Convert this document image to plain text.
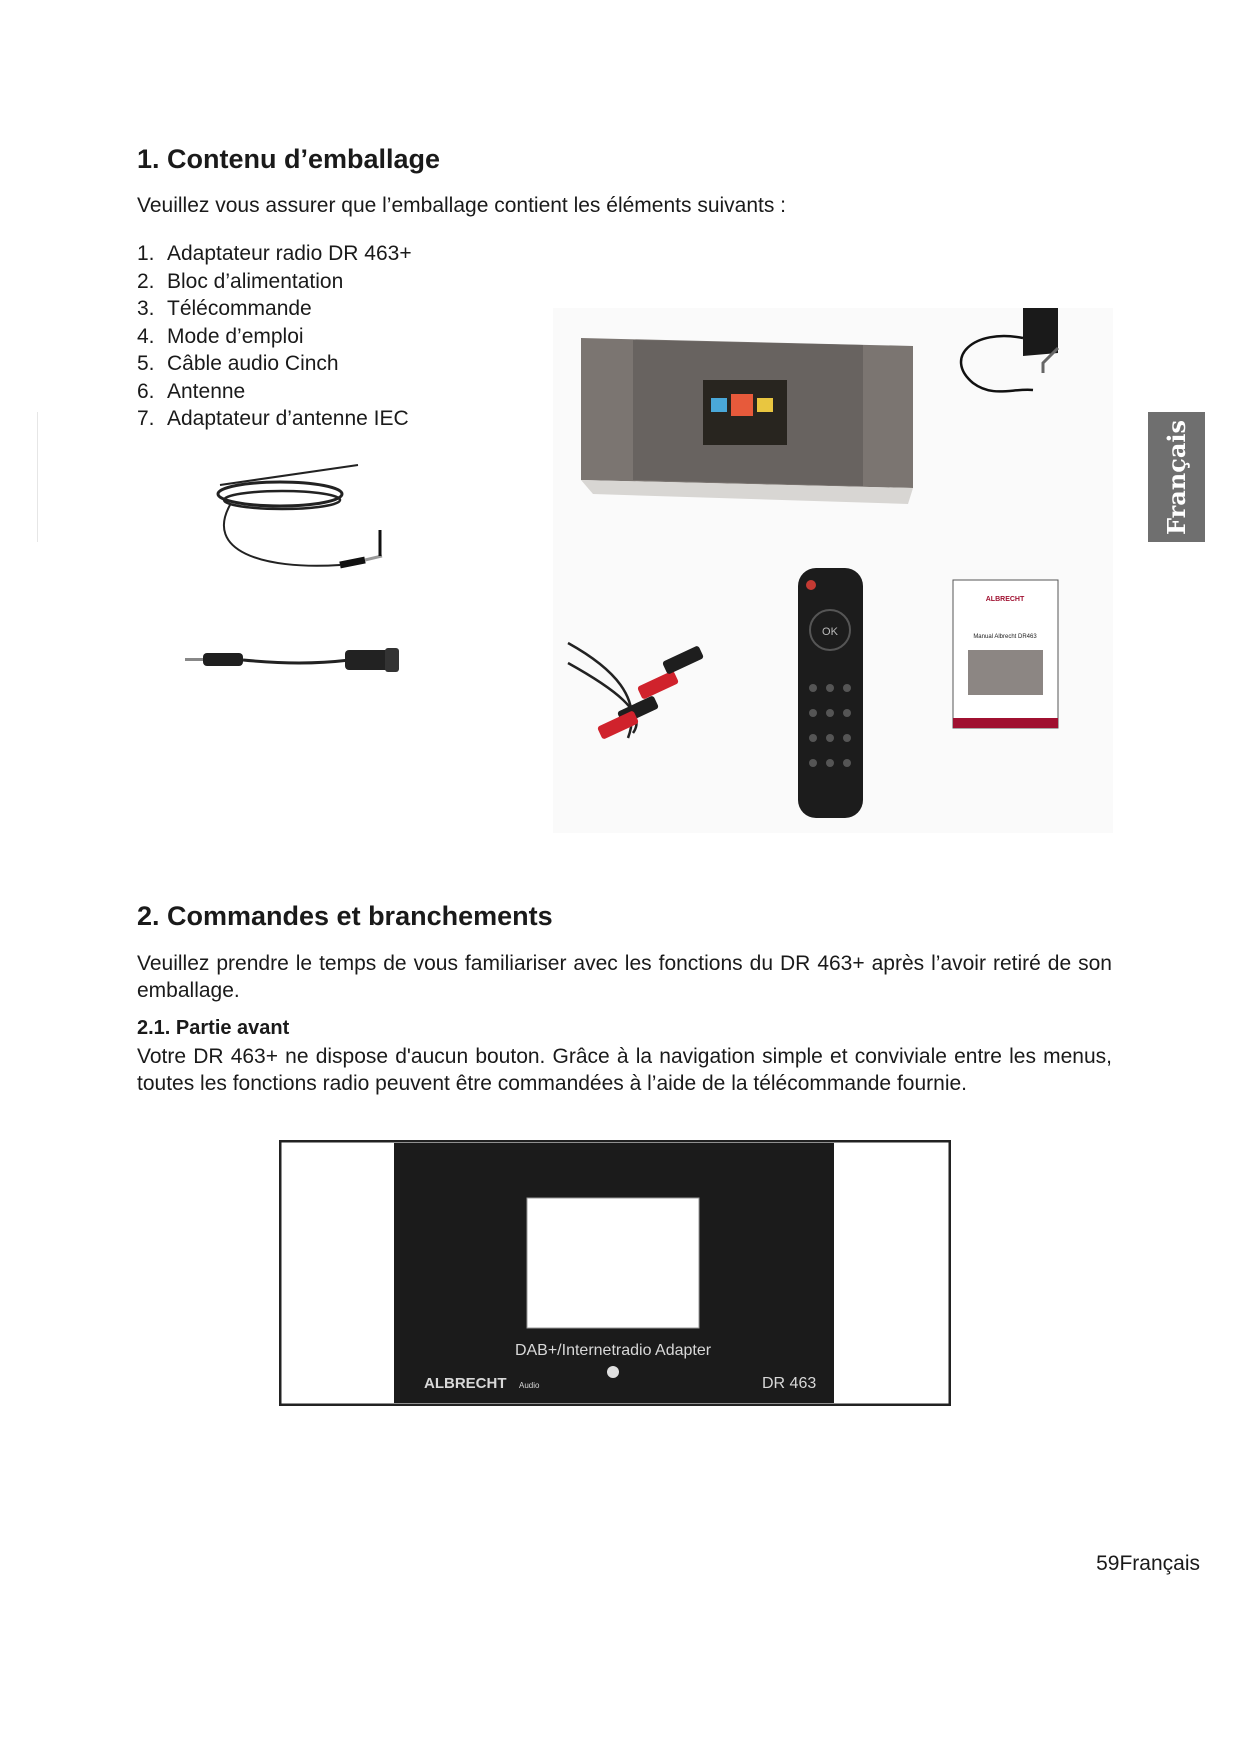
1. Contenu d’emballage

Veuillez vous assurer que l’emballage contient les éléments suivants :

1. Adaptateur radio DR 463+
2. Bloc d’alimentation
3. Télécommande
4. Mode d’emploi
5. Câble audio Cinch
6. Antenne
7. Adaptateur d’antenne IEC
OK
ALBRECHT
Manual Albrecht DR463
Français
2. Commandes et branchements

Veuillez prendre le temps de vous familiariser avec les fonctions du DR 463+ après l’avoir retiré de son emballage.

2.1. Partie avant

Votre DR 463+ ne dispose d'aucun bouton. Grâce à la navigation simple et conviviale entre les menus, toutes les fonctions radio peuvent être commandées à l’aide de la télécommande fournie.

DAB+/Internetradio Adapter
ALBRECHT Audio	DR 463
59Français
